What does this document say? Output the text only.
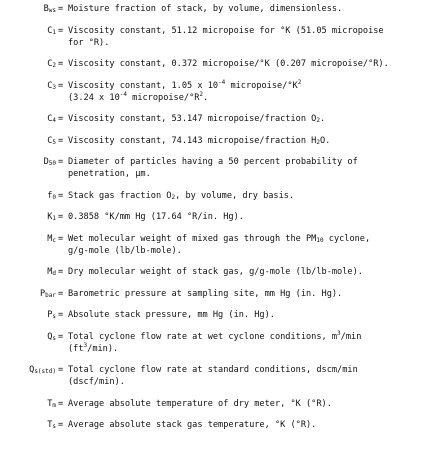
$B_{ws}$ = Moisture fraction of stack, by volume, dimensionless.
$C_1$ = Viscosity constant, 51.12 micropoise for °K (51.05 micropoise
for °R).
$C_2$ = Viscosity constant, 0.372 micropoise/°K (0.207 micropoise/°R).
$C_3$ = Viscosity constant, 1.05 x $10^{-4}$ micropoise/$^\circ K^2$
(3.24 x $10^{-4}$ micropoise/$^\circ R^2$.
$C_4$ = Viscosity constant, 53.147 micropoise/fraction $O_2$.
$C_5$ = Viscosity constant, 74.143 micropoise/fraction $H_2O$.
$D_{50}$ = Diameter of particles having a 50 percent probability of
penetration, μm.
$f_0$ = Stack gas fraction $O_2$, by volume, dry basis.
$K_1 = 0.3858$ °K/mm Hg (17.64 °R/in. Hg).
$M_c$ = Wet molecular weight of mixed gas through the $PM_{10}$ cyclone,
g/g-mole (lb/lb-mole).
$M_d$ = Dry molecular weight of stack gas, g/g-mole (lb/lb-mole).
$P_{bar}$ = Barometric pressure at sampling site, mm Hg (in. Hg).
$P_s$ = Absolute stack pressure, mm Hg (in. Hg).
$Q_s$ = Total cyclone flow rate at wet cyclone conditions, $m^3/\min$
$(ft^3/\min)$.
$Q_{s(std)}$ = Total cyclone flow rate at standard conditions, dscm/min
(dscf/min).
$T_m$ = Average absolute temperature of dry meter, °K (°R).
$T_s$ = Average absolute stack gas temperature, °K (°R).
